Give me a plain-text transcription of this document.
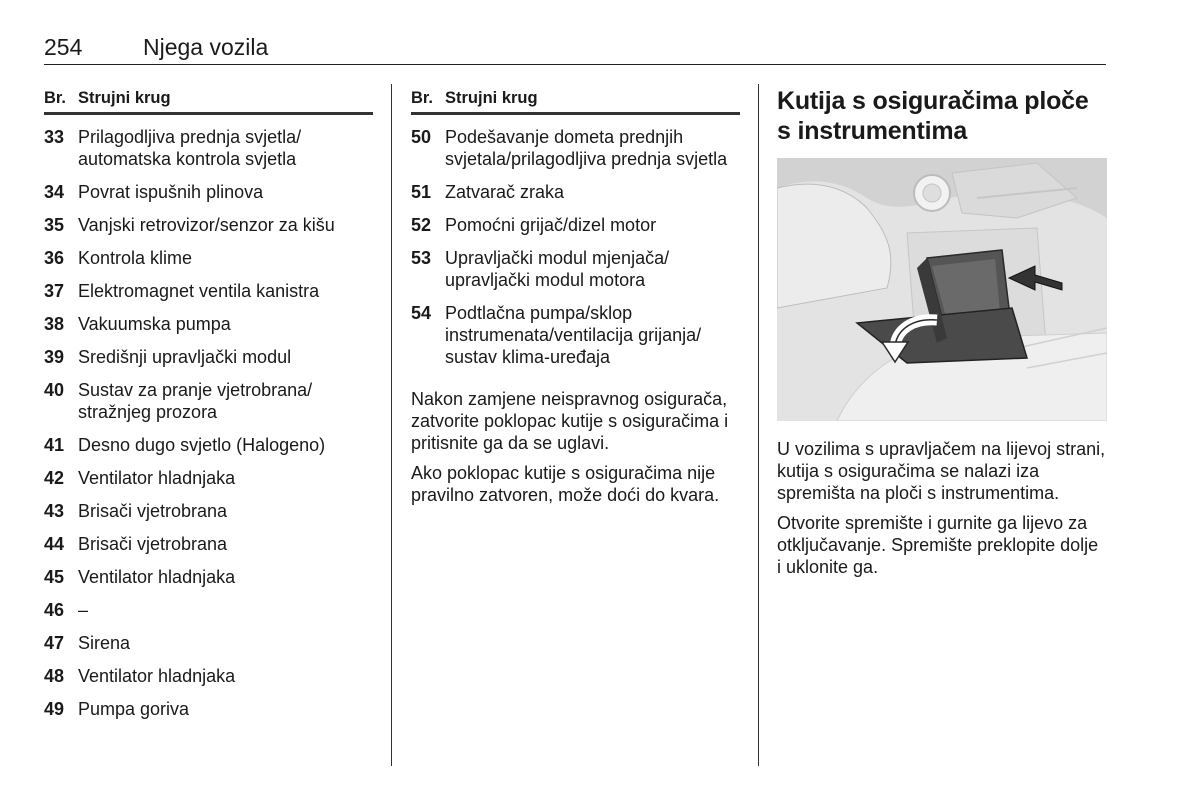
254	Njega vozila
Br. Strujni krug
33 Prilagodljiva prednja svjetla/ automatska kontrola svjetla
34 Povrat ispušnih plinova
35 Vanjski retrovizor/senzor za kišu
36 Kontrola klime
37 Elektromagnet ventila kanistra
38 Vakuumska pumpa
39 Središnji upravljački modul
40 Sustav za pranje vjetrobrana/ stražnjeg prozora
41 Desno dugo svjetlo (Halogeno)
42 Ventilator hladnjaka
43 Brisači vjetrobrana
44 Brisači vjetrobrana
45 Ventilator hladnjaka
46 –
47 Sirena
48 Ventilator hladnjaka
49 Pumpa goriva
Br. Strujni krug
50 Podešavanje dometa prednjih svjetala/prilagodljiva prednja svjetla
51 Zatvarač zraka
52 Pomoćni grijač/dizel motor
53 Upravljački modul mjenjača/ upravljački modul motora
54 Podtlačna pumpa/sklop instrumenata/ventilacija grijanja/ sustav klima-uređaja

Nakon zamjene neispravnog osigurača, zatvorite poklopac kutije s osiguračima i pritisnite ga da se uglavi.

Ako poklopac kutije s osiguračima nije pravilno zatvoren, može doći do kvara.

Kutija s osiguračima ploče s instrumentima

U vozilima s upravljačem na lijevoj strani, kutija s osiguračima se nalazi iza spremišta na ploči s instrumentima.

Otvorite spremište i gurnite ga lijevo za otključavanje. Spremište preklopite dolje i uklonite ga.
